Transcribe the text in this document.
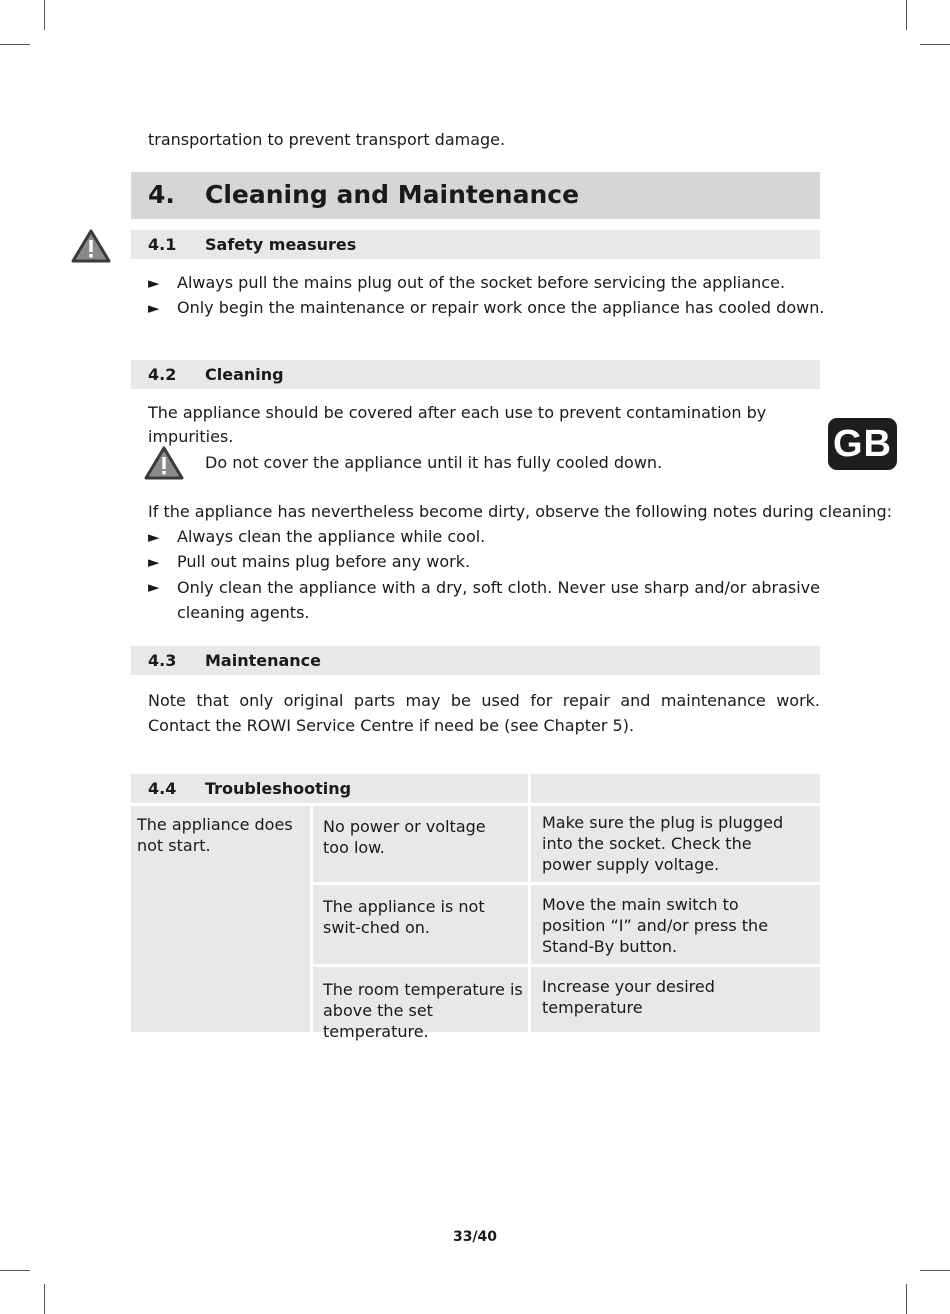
transportation to prevent transport damage.
4. Cleaning and Maintenance
4.1 Safety measures
► Always pull the mains plug out of the socket before servicing the appliance.
► Only begin the maintenance or repair work once the appliance has cooled down.
4.2 Cleaning
The appliance should be covered after each use to prevent contamination by impurities.
Do not cover the appliance until it has fully cooled down.
If the appliance has nevertheless become dirty, observe the following notes during cleaning:
► Always clean the appliance while cool.
► Pull out mains plug before any work.
► Only clean the appliance with a dry, soft cloth. Never use sharp and/or abrasive cleaning agents.
4.3 Maintenance
Note that only original parts may be used for repair and maintenance work. Contact the ROWI Service Centre if need be (see Chapter 5).
4.4 Troubleshooting
The appliance does not start.
No power or voltage too low.
Make sure the plug is plugged into the socket. Check the power supply voltage.
The appliance is not swit-ched on.
Move the main switch to position “I” and/or press the Stand-By button.
The room temperature is above the set temperature.
Increase your desired temperature
GB
33/40
